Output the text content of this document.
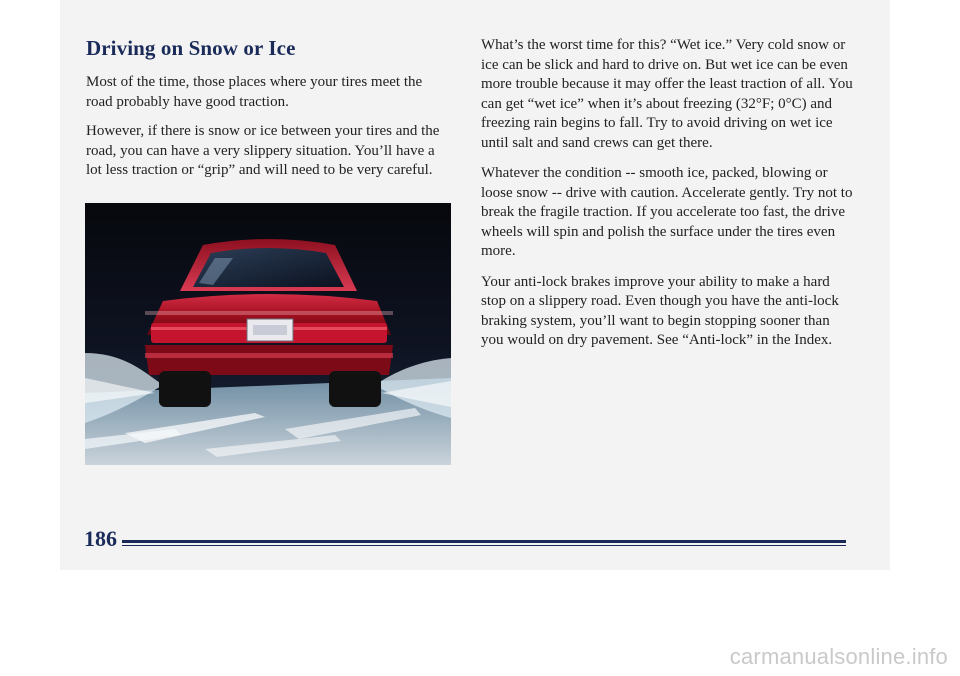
Driving on Snow or Ice

Most of the time, those places where your tires meet the road probably have good traction.

However, if there is snow or ice between your tires and the road, you can have a very slippery situation. You’ll have a lot less traction or “grip” and will need to be very careful.

What’s the worst time for this? “Wet ice.” Very cold snow or ice can be slick and hard to drive on. But wet ice can be even more trouble because it may offer the least traction of all. You can get “wet ice” when it’s about freezing (32°F; 0°C) and freezing rain begins to fall. Try to avoid driving on wet ice until salt and sand crews can get there.

Whatever the condition -- smooth ice, packed, blowing or loose snow -- drive with caution. Accelerate gently. Try not to break the fragile traction. If you accelerate too fast, the drive wheels will spin and polish the surface under the tires even more.

Your anti-lock brakes improve your ability to make a hard stop on a slippery road. Even though you have the anti-lock braking system, you’ll want to begin stopping sooner than you would on dry pavement. See “Anti-lock” in the Index.

186
carmanualsonline.info
